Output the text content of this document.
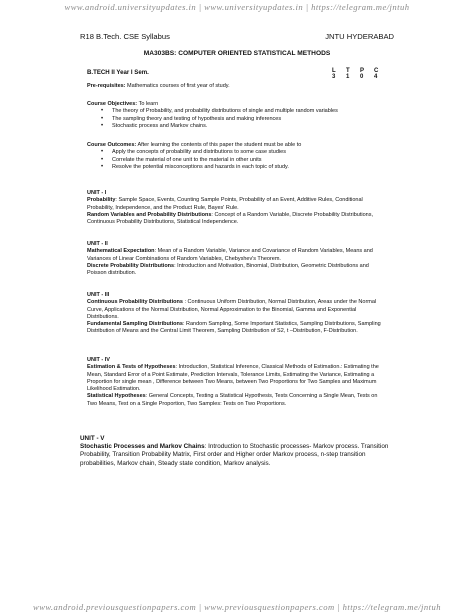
www.android.universityupdates.in | www.universityupdates.in | https://telegram.me/jntuh
R18 B.Tech. CSE Syllabus	JNTU HYDERABAD
MA303BS: COMPUTER ORIENTED STATISTICAL METHODS
B.TECH II Year I Sem.	L	T	P	C
3	1	0	4
Pre-requisites: Mathematics courses of first year of study.
Course Objectives: To learn
• The theory of Probability, and probability distributions of single and multiple random variables
• The sampling theory and testing of hypothesis and making inferences
• Stochastic process and Markov chains.
Course Outcomes: After learning the contents of this paper the student must be able to
• Apply the concepts of probability and distributions to some case studies
• Correlate the material of one unit to the material in other units
• Resolve the potential misconceptions and hazards in each topic of study.
UNIT - I
Probability: Sample Space, Events, Counting Sample Points, Probability of an Event, Additive Rules, Conditional Probability, Independence, and the Product Rule, Bayes' Rule.
Random Variables and Probability Distributions: Concept of a Random Variable, Discrete Probability Distributions, Continuous Probability Distributions, Statistical Independence.
UNIT - II
Mathematical Expectation: Mean of a Random Variable, Variance and Covariance of Random Variables, Means and Variances of Linear Combinations of Random Variables, Chebyshev's Theorem.
Discrete Probability Distributions: Introduction and Motivation, Binomial, Distribution, Geometric Distributions and Poisson distribution.
UNIT - III
Continuous Probability Distributions : Continuous Uniform Distribution, Normal Distribution, Areas under the Normal Curve, Applications of the Normal Distribution, Normal Approximation to the Binomial, Gamma and Exponential Distributions.
Fundamental Sampling Distributions: Random Sampling, Some Important Statistics, Sampling Distributions, Sampling Distribution of Means and the Central Limit Theorem, Sampling Distribution of S2, t –Distribution, F-Distribution.
UNIT - IV
Estimation & Tests of Hypotheses: Introduction, Statistical Inference, Classical Methods of Estimation.: Estimating the Mean, Standard Error of a Point Estimate, Prediction Intervals, Tolerance Limits, Estimating the Variance, Estimating a Proportion for single mean , Difference between Two Means, between Two Proportions for Two Samples and Maximum Likelihood Estimation.
Statistical Hypotheses: General Concepts, Testing a Statistical Hypothesis, Tests Concerning a Single Mean, Tests on Two Means, Test on a Single Proportion, Two Samples: Tests on Two Proportions.
UNIT - V
Stochastic Processes and Markov Chains: Introduction to Stochastic processes- Markov process. Transition Probability, Transition Probability Matrix, First order and Higher order Markov process, n-step transition probabilities, Markov chain, Steady state condition, Markov analysis.
www.android.previousquestionpapers.com | www.previousquestionpapers.com | https://telegram.me/jntuh
